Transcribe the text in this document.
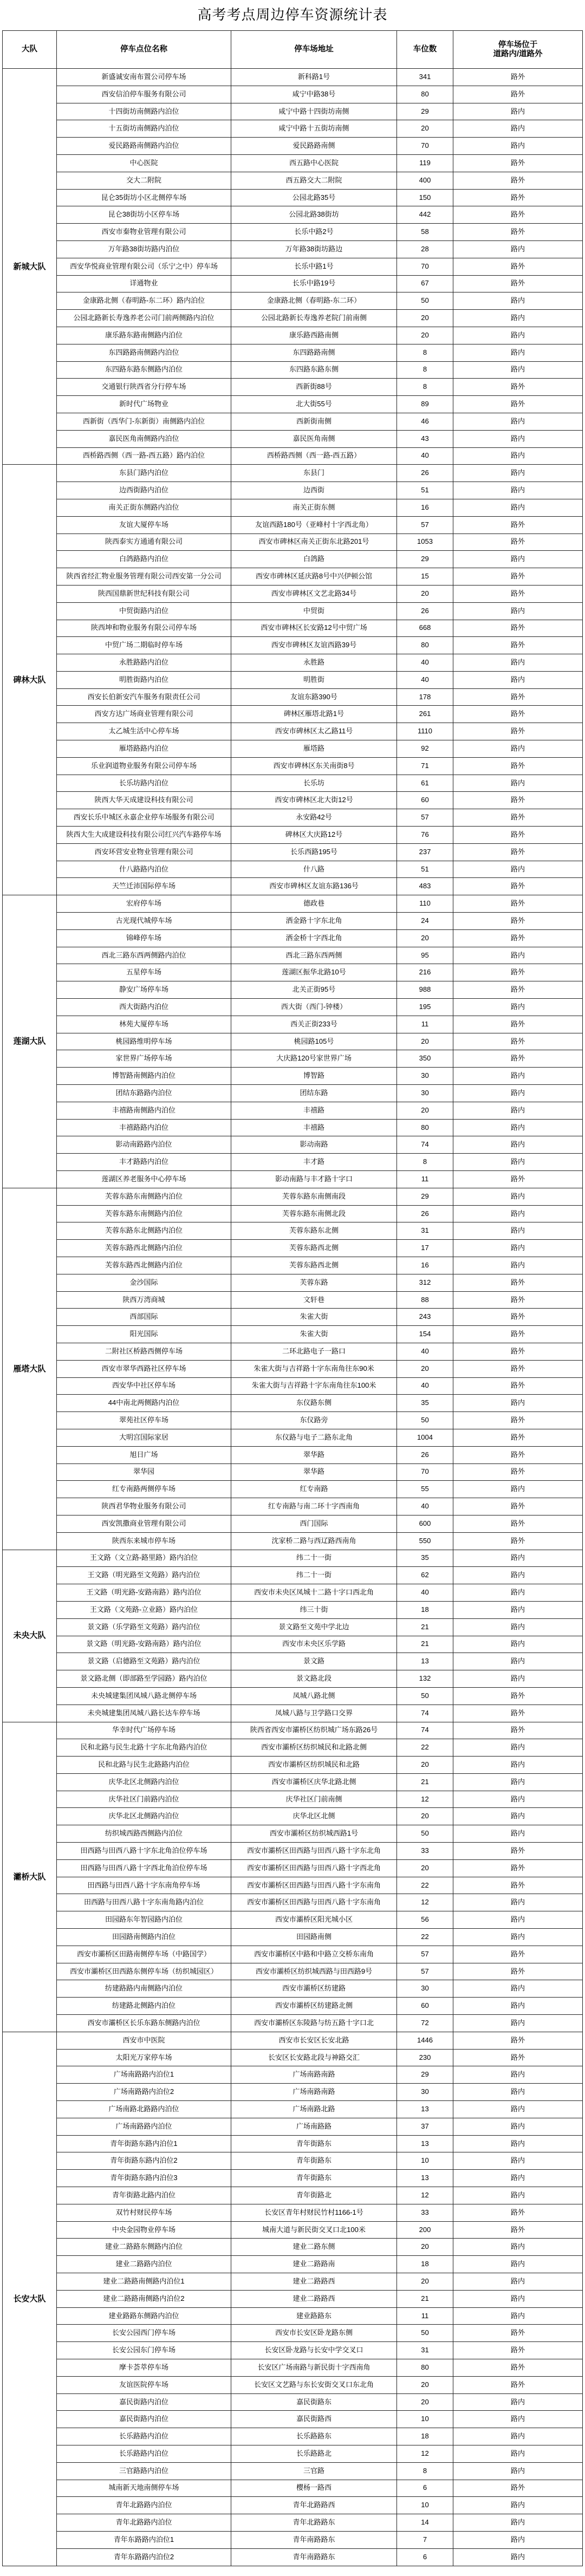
高考考点周边停车资源统计表
大队	停车点位名称	停车场地址	车位数
停车场位于
道路内/道路外
新城大队
新盛诚安南布置公司停车场	新科路1号	341	路外
西安信泊停车服务有限公司	咸宁中路38号	80	路外
十四街坊南侧路内泊位	咸宁中路十四街坊南侧	29	路内
十五街坊南侧路内泊位	咸宁中路十五街坊南侧	20	路内
爱民路路南侧路内泊位	爱民路路南侧	70	路内
中心医院	西五路中心医院	119	路外
交大二附院	西五路交大二附院	400	路外
昆仑35街坊小区北侧停车场	公园北路35号	150	路外
昆仑38街坊小区停车场	公园北路38街坊	442	路外
西安市秦物业管理有限公司	长乐中路2号	58	路外
万年路38街坊路内泊位	万年路38街坊路边	28	路内
西安华悦商业管理有限公司（乐宁之中）停车场	长乐中路1号	70	路外
详通物业	长乐中路19号	67	路外
金康路北侧（春明路-东二环）路内泊位	金康路北侧（春明路-东二环）	50	路内
公园北路新长寿逸养老公司门前两侧路内泊位	公园北路新长寿逸养老院门前南侧	20	路内
康乐路东路南侧路内泊位	康乐路西路南侧	20	路内
东四路路南侧路内泊位	东四路路南侧	8	路内
东四路东路东侧路内泊位	东四路东路东侧	8	路内
交通银行陕西省分行停车场	西新街88号	8	路外
新时代广场物业	北大街55号	89	路外
西新街（西华门-东新街）南侧路内泊位	西新街南侧	46	路内
嘉民医角南侧路内泊位	嘉民医角南侧	43	路内
西桥路西侧（西一路-西五路）路内泊位	西桥路西侧（西一路-西五路）	40	路内
碑林大队
东县门路内泊位	东县门	26	路内
边西街路内泊位	边西街	51	路内
南关正街东侧路内泊位	南关正街东侧	16	路内
友谊大厦停车场	友谊西路180号（亚峰村十字西北角）	57	路外
陕西泰实方通通有限公司	西安市碑林区南关正街东北路201号	1053	路外
白鸽路路内泊位	白鸽路	29	路内
陕西省经汇物业服务管理有限公司西安第一分公司	西安市碑林区延庆路8号中兴伊顿公馆	15	路外
陕西国鼎新世纪科技有限公司	西安市碑林区文艺北路34号	20	路外
中贸街路内泊位	中贸街	26	路内
陕西坤和物业服务有限公司停车场	西安市碑林区长安路12号中贸广场	668	路外
中贸广场二期临时停车场	西安市碑林区友谊西路39号	80	路外
永胜路路内泊位	永胜路	40	路内
明胜街路内泊位	明胜街	40	路内
西安长伯新安汽车服务有限责任公司	友谊东路390号	178	路外
西安方达广场商业管理有限公司	碑林区雁塔北路1号	261	路外
太乙城生活中心停车场	西安市碑林区太乙路11号	1110	路外
雁塔路路内泊位	雁塔路	92	路内
乐业润道物业服务有限公司停车场	西安市碑林区东关南街8号	71	路外
长乐坊路内泊位	长乐坊	61	路内
陕西大华天成建设科技有限公司	西安市碑林区北大街12号	60	路外
西安长乐中城区永嘉企业停车场服务有限公司	永安路42号	57	路外
陕西大生大成建设科技有限公司红兴汽车路停车场	碑林区大庆路12号	76	路外
西安环营安业物业管理有限公司	长乐西路195号	237	路外
什八路路内泊位	什八路	51	路内
天竺迁沛国际停车场	西安市碑林区友谊东路136号	483	路外
莲湖大队
宏府停车场	德政巷	110	路外
古光现代城停车场	洒金路十字东北角	24	路外
锦峰停车场	洒金桥十字西北角	20	路外
西北三路东西两侧路内泊位	西北三路东西两侧	95	路内
五星停车场	莲湖区振华北路10号	216	路外
静安广场停车场	北关正街95号	988	路外
西大街路内泊位	西大街（西门-钟楼）	195	路内
林苑大厦停车场	西关正街233号	11	路外
桃园路维明停车场	桃园路105号	20	路外
家世界广场停车场	大庆路120号家世界广场	350	路外
博智路南侧路内泊位	博智路	30	路内
团结东路路内泊位	团结东路	30	路内
丰禧路南侧路内泊位	丰禧路	20	路内
丰禧路路内泊位	丰禧路	80	路内
影动南路路内泊位	影动南路	74	路内
丰才路路内泊位	丰才路	8	路内
莲湖区养老服务中心停车场	影动南路与丰才路十字口	11	路外
雁塔大队
芙蓉东路东南侧路内泊位	芙蓉东路东南侧南段	29	路内
芙蓉东路东南侧路内泊位	芙蓉东路东南侧北段	26	路内
芙蓉东路东北侧路内泊位	芙蓉东路东北侧	31	路内
芙蓉东路西北侧路内泊位	芙蓉东路西北侧	17	路内
芙蓉东路西北侧路内泊位	芙蓉东路西北侧	16	路内
金沙国际	芙蓉东路	312	路外
陕西万湾商城	文轩巷	88	路外
西部国际	朱雀大街	243	路外
阳光国际	朱雀大街	154	路外
二附社区桥路西侧停车场	二环北路电子一路口	40	路外
西安市翠华西路社区停车场	朱雀大街与吉祥路十字东南角往东90米	20	路外
西安华中社区停车场	朱雀大街与吉祥路十字东南角往东100米	40	路外
44中南北两侧路内泊位	东仪路东侧	35	路内
翠苑社区停车场	东仪路旁	50	路外
大明宫国际家居	东仪路与电子二路东北角	1004	路外
旭日广场	翠华路	26	路外
翠华园	翠华路	70	路外
红专南路两侧停车场	红专南路	55	路内
陕西君华物业服务有限公司	红专南路与南二环十字西南角	40	路外
西安凯撒商业管理有限公司	西门国际	600	路外
陕西东来城市停车场	沈家桥二路与西辽路西南角	550	路外
未央大队
王文路（文立路-路里路）路内泊位	纬二十一街	35	路内
王文路（明光路至文苑路）路内泊位	纬二十一街	62	路内
王文路（明光路-安路南路）路内泊位	西安市未央区凤城十二路十字口西北角	40	路内
王文路（文苑路-立业路）路内泊位	纬三十街	18	路内
景文路（乐学路至文苑路）路内泊位	景文路至文苑中学北边	21	路内
景文路（明光路-安路南路）路内泊位	西安市未央区乐学路	21	路内
景文路（启德路至文苑路）路内泊位	景文路	13	路内
景文路北侧（即部路至学园路）路内泊位	景文路北段	132	路内
未央城建集团凤城八路北侧停车场	凤城八路北侧	50	路外
未央城建集团凤城八路长达车停车场	凤城八路与卫学路口交界	74	路外
灞桥大队
华幸时代广场停车场	陕西省西安市灞桥区纺织城广场东路26号	74	路外
民和北路与民生北路十字东北角路内泊位	西安市灞桥区纺织城民和北路北侧	22	路内
民和北路与民生北路路内泊位	西安市灞桥区纺织城民和北路	20	路内
庆华北区北侧路内泊位	西安市灞桥区庆华北路北侧	21	路内
庆华社区门前路内泊位	庆华社区门前南侧	12	路内
庆华北区北侧路内泊位	庆华北区北侧	20	路内
纺织城西路西侧路内泊位	西安市灞桥区纺织城西路1号	50	路内
田西路与田西八路十字东北角泊位停车场	西安市灞桥区田西路与田西八路十字东北角	33	路外
田西路与田西八路十字西北角泊位停车场	西安市灞桥区田西路与田西八路十字西北角	20	路外
田西路与田西八路十字东南角停车场	西安市灞桥区田西路与田西八路十字东南角	22	路外
田西路与田西八路十字东南角路内泊位	西安市灞桥区田西路与田西八路十字东南角	12	路内
田园路东年智园路内泊位	西安市灞桥区阳光城小区	56	路内
田园路南侧路内泊位	田园路南侧	22	路内
西安市灞桥区田路南侧停车场（中路国学）	西安市灞桥区中路和中路立交桥东南角	57	路外
西安市灞桥区田西路东侧停车场（纺织城园区）	西安市灞桥区纺织城西路与田西路9号	57	路外
纺建路路内南侧路内泊位	西安市灞桥区纺建路	30	路内
纺建路北侧路内泊位	西安市灞桥区纺建路北侧	60	路内
西安市灞桥区长乐东路东侧路内泊位	西安市灞桥区东陵路与纺五路十字口北	72	路内
长安大队
西安市中医院	西安市长安区长安北路	1446	路外
太阳光万家停车场	长安区长安路北段与神路交汇	230	路外
广场南路路内泊位1	广场南路南路	29	路内
广场南路路内泊位2	广场南路南路	30	路内
广场南路北路路内泊位	广场南路北路	13	路内
广场南路路内泊位	广场南路路	37	路内
青年街路东路内泊位1	青年街路东	13	路内
青年街路东路内泊位2	青年街路东	10	路内
青年街路东路内泊位3	青年街路东	13	路内
青年街路北路内泊位	青年街路北	12	路内
双竹村财民停车场	长安区青年村财民竹村1166-1号	33	路外
中央金园物业停车场	城南大道与新民街交叉口北100米	200	路外
建业二路路东侧路内泊位	建业二路东侧	20	路内
建业二路路内泊位	建业二路路南	18	路内
建业二路路南侧路内泊位1	建业二路路西	20	路内
建业二路路南侧路内泊位2	建业二路路西	21	路内
建业路路东侧路内泊位	建业路路东	11	路内
长安公园西门停车场	西安市长安区卧龙路东侧	50	路外
长安公园东门停车场	长安区卧龙路与长安中学交叉口	31	路外
摩卡荟萃停车场	长安区广场南路与新民街十字西南角	80	路外
友谊医院停车场	长安区文艺路与东长安街交叉口东北角	20	路外
嘉民街路内泊位	嘉民街路东	20	路内
嘉民街路内泊位	嘉民街路西	10	路内
长乐路路内泊位	长乐路路东	18	路内
长乐路路内泊位	长乐路路北	12	路内
三官路路内泊位	三官路	8	路内
城南新天地南侧停车场	樱杨一路西	6	路外
青年北路路内泊位	青年北路路西	10	路内
青年北路路内泊位	青年北路路东	14	路内
青年东路路内泊位1	青年南路路东	7	路内
青年东路路内泊位2	青年南路路东	6	路内
